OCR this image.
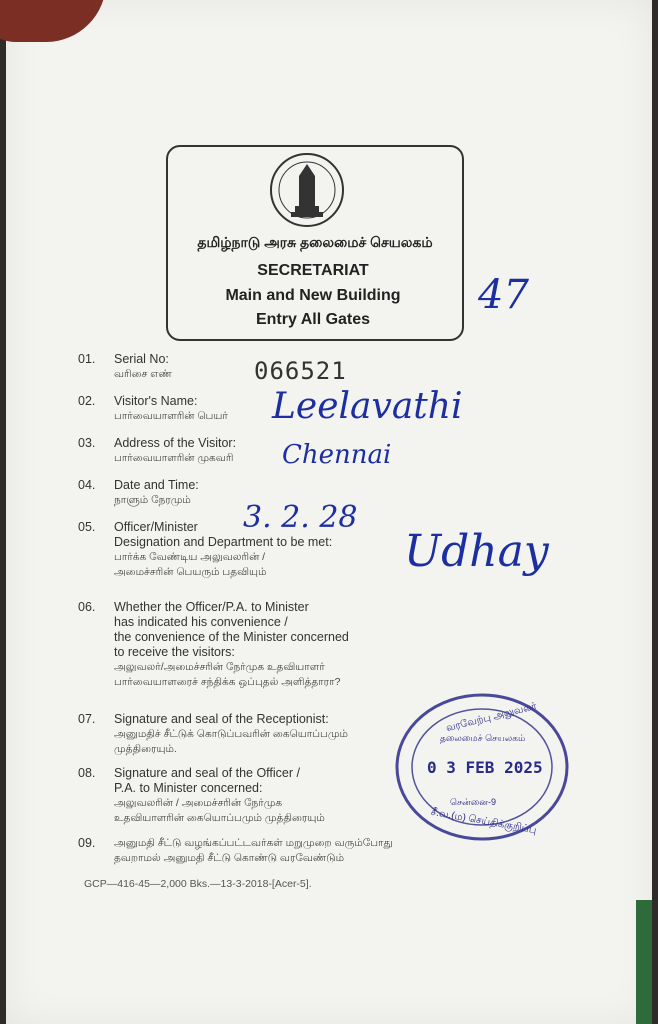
தமிழ்நாடு அரசு தலைமைச் செயலகம்
SECRETARIAT
Main and New Building
Entry All Gates
47
01.	Serial No:
வரிசை எண்	066521
02.	Visitor's Name:
பார்வையாளரின் பெயர் Leelavathi
03.	Address of the Visitor:
பார்வையாளரின் முகவரி Chennai
04.	Date and Time:
நாளும் நேரமும் 3. 2. 28
05.	Officer/Minister
Designation and Department to be met:
பார்க்க வேண்டிய அலுவலரின் /
அமைச்சரின் பெயரும் பதவியும்	Udhay
06.	Whether the Officer/P.A. to Minister
has indicated his convenience /
the convenience of the Minister concerned
to receive the visitors:
அலுவலர்/அமைச்சரின் நேர்முக உதவியாளர்
பார்வையாளரைச் சந்திக்க ஒப்புதல் அளித்தாரா?
07.	Signature and seal of the Receptionist:
அனுமதிச் சீட்டுக் கொடுப்பவரின் கையொப்பமும்
முத்திரையும்.
08.	Signature and seal of the Officer /
P.A. to Minister concerned:
அலுவலரின் / அமைச்சரின் நேர்முக
உதவியாளரின் கையொப்பமும் முத்திரையும்
09.	அனுமதி சீட்டு வழங்கப்பட்டவர்கள் மறுமுறை வரும்போது
தவறாமல் அனுமதி சீட்டு கொண்டு வரவேண்டும்
GCP—416-45—2,000 Bks.—13-3-2018-[Acer-5].
வரவேற்பு அலுவலர்
தலைமைச் செயலகம்
0 3 FEB 2025
சென்னை-9
சீ.வ.(ம) செய்திக்குறிப்பு
